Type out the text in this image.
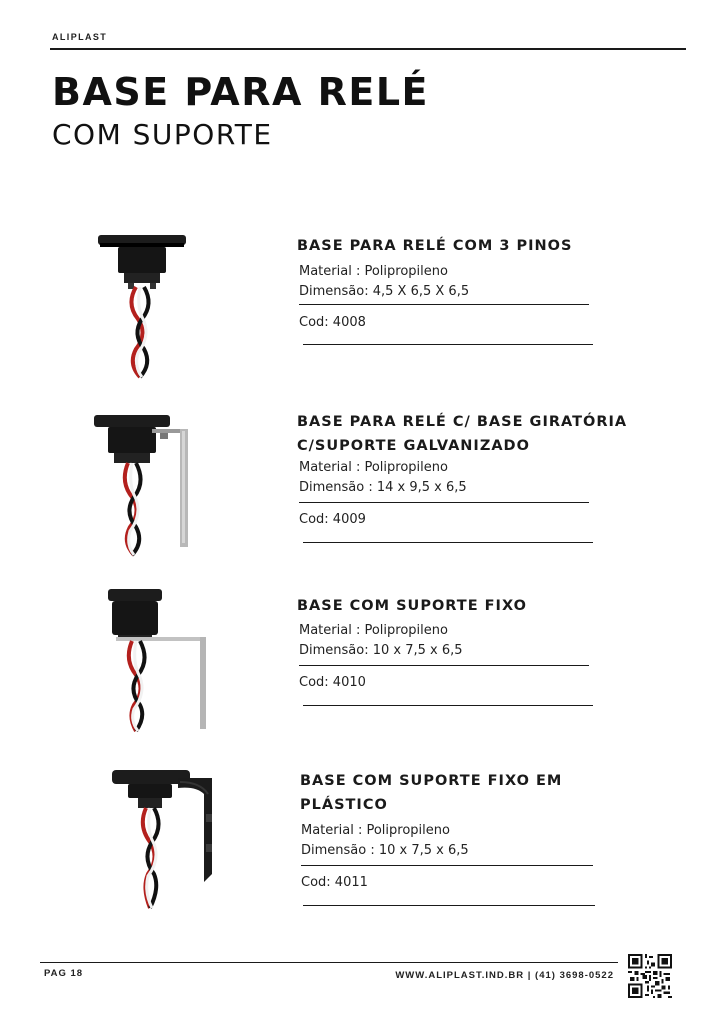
ALIPLAST
BASE PARA RELÉ
COM SUPORTE
BASE PARA RELÉ COM 3 PINOS
Material : Polipropileno
Dimensão: 4,5 X 6,5 X 6,5
Cod: 4008
BASE PARA RELÉ C/ BASE GIRATÓRIA
C/SUPORTE GALVANIZADO
Material : Polipropileno
Dimensão : 14 x 9,5 x 6,5
Cod: 4009
BASE COM SUPORTE FIXO
Material : Polipropileno
Dimensão: 10 x 7,5 x 6,5
Cod: 4010
BASE COM SUPORTE FIXO EM
PLÁSTICO
Material : Polipropileno
Dimensão : 10 x 7,5 x 6,5
Cod: 4011
PAG 18	WWW.ALIPLAST.IND.BR | (41) 3698-0522
